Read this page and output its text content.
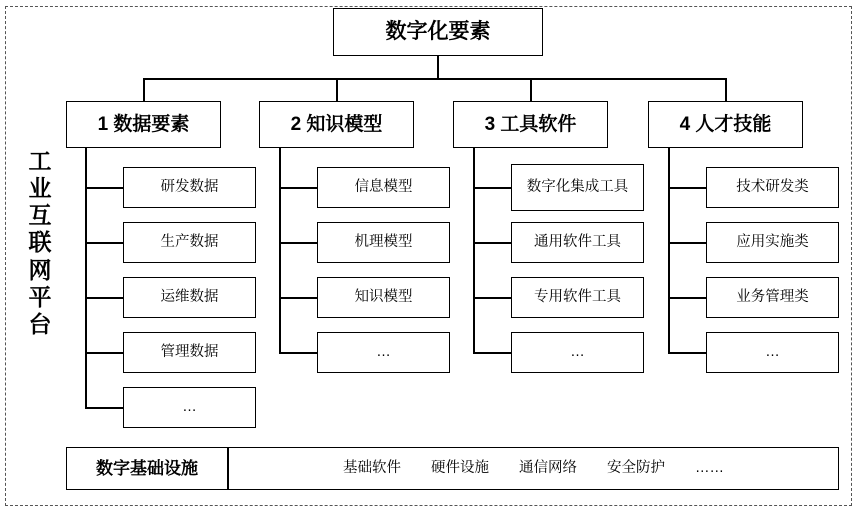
工业互联网平台
数字化要素
1 数据要素	2 知识模型	3 工具软件	4 人才技能
研发数据
生产数据
运维数据
管理数据
…
信息模型
机理模型
知识模型
…
数字化集成工具
通用软件工具
专用软件工具
…
技术研发类
应用实施类
业务管理类
…
数字基础设施	基础软件 硬件设施 通信网络 安全防护 ……
